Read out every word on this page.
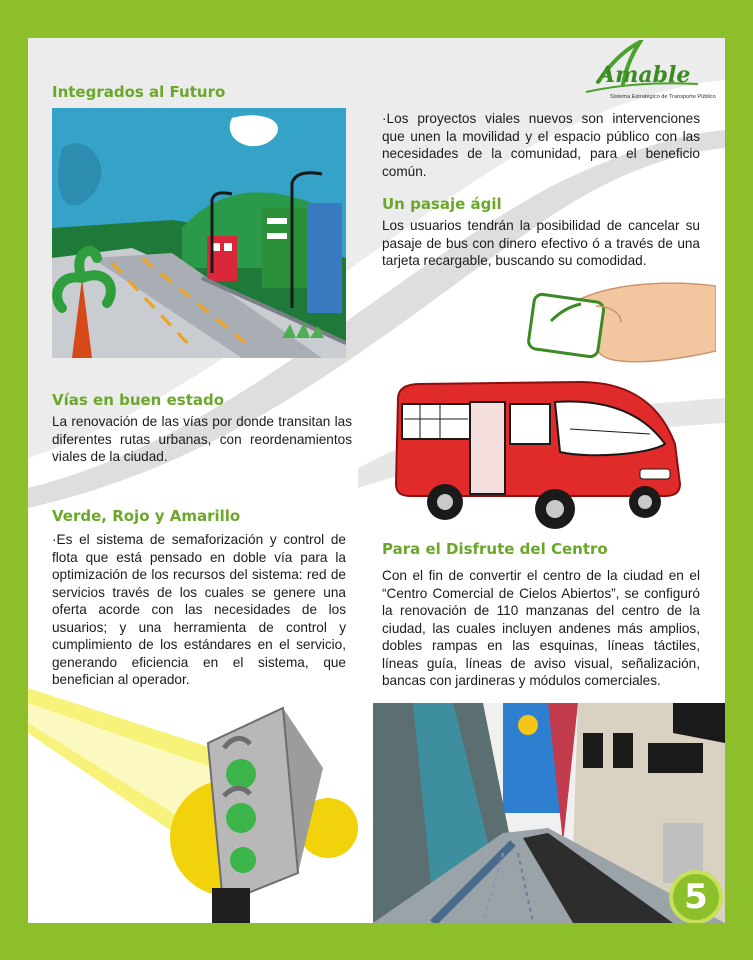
Amable
Sistema Estratégico de Transporte Público
Integrados al Futuro

·Los proyectos viales nuevos son intervenciones que unen la movilidad y el espacio público con las necesidades de la comunidad, para el beneficio común.

Un pasaje ágil

Los usuarios tendrán la posibilidad de cancelar su pasaje de bus con dinero efectivo ó a través de una tarjeta recargable, buscando su comodidad.

Vías en buen estado

La renovación de las vías por donde transitan las diferentes rutas urbanas, con reordenamientos viales de la ciudad.

Verde, Rojo y Amarillo

·Es el sistema de semaforización y control de flota que está pensado en doble vía para la optimización de los recursos del sistema: red de servicios través de los cuales se genere una oferta acorde con las necesidades de los usuarios; y una herramienta de control y cumplimiento de los estándares en el servicio, generando eficiencia en el sistema, que benefician al operador.

Para el Disfrute del Centro

Con el fin de convertir el centro de la ciudad en el “Centro Comercial de Cielos Abiertos”, se configuró la renovación de 110 manzanas del centro de la ciudad, las cuales incluyen andenes más amplios, dobles rampas en las esquinas, líneas táctiles, líneas guía, líneas de aviso visual, señalización, bancas con jardineras y módulos comerciales.

5
